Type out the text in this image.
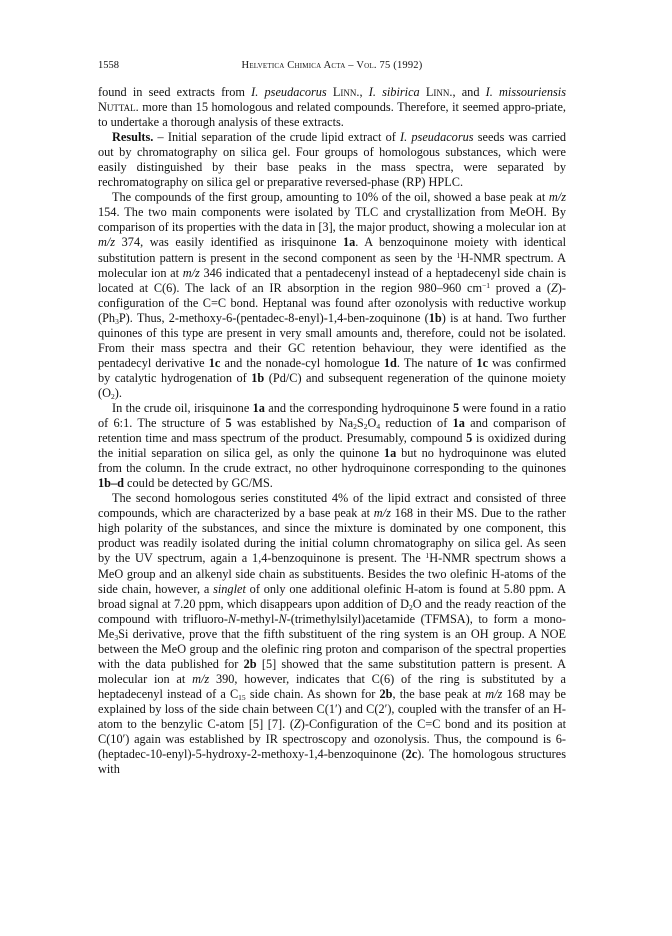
1558	Helvetica Chimica Acta – Vol. 75 (1992)

found in seed extracts from I. pseudacorus Linn., I. sibirica Linn., and I. missouriensis Nuttal. more than 15 homologous and related compounds. Therefore, it seemed appro-priate, to undertake a thorough analysis of these extracts.

Results. – Initial separation of the crude lipid extract of I. pseudacorus seeds was carried out by chromatography on silica gel. Four groups of homologous substances, which were easily distinguished by their base peaks in the mass spectra, were separated by rechromatography on silica gel or preparative reversed-phase (RP) HPLC.

The compounds of the first group, amounting to 10% of the oil, showed a base peak at m/z 154. The two main components were isolated by TLC and crystallization from MeOH. By comparison of its properties with the data in [3], the major product, showing a molecular ion at m/z 374, was easily identified as irisquinone 1a. A benzoquinone moiety with identical substitution pattern is present in the second component as seen by the $^1$H-NMR spectrum. A molecular ion at m/z 346 indicated that a pentadecenyl instead of a heptadecenyl side chain is located at C(6). The lack of an IR absorption in the region 980–960 $cm^{-1}$ proved a (Z)-configuration of the C=C bond. Heptanal was found after ozonolysis with reductive workup $(Ph_3P)$. Thus, 2-methoxy-6-(pentadec-8-enyl)-1,4-ben-zoquinone (1b) is at hand. Two further quinones of this type are present in very small amounts and, therefore, could not be isolated. From their mass spectra and their GC retention behaviour, they were identified as the pentadecyl derivative 1c and the nonade-cyl homologue 1d. The nature of 1c was confirmed by catalytic hydrogenation of 1b (Pd/C) and subsequent regeneration of the quinone moiety $(O_2)$.

In the crude oil, irisquinone 1a and the corresponding hydroquinone 5 were found in a ratio of 6:1. The structure of 5 was established by $Na_2S_2O_4$ reduction of 1a and comparison of retention time and mass spectrum of the product. Presumably, compound 5 is oxidized during the initial separation on silica gel, as only the quinone 1a but no hydroquinone was eluted from the column. In the crude extract, no other hydroquinone corresponding to the quinones 1b–d could be detected by GC/MS.

The second homologous series constituted 4% of the lipid extract and consisted of three compounds, which are characterized by a base peak at m/z 168 in their MS. Due to the rather high polarity of the substances, and since the mixture is dominated by one component, this product was readily isolated during the initial column chromatography on silica gel. As seen by the UV spectrum, again a 1,4-benzoquinone is present. The $^1$H-NMR spectrum shows a MeO group and an alkenyl side chain as substituents. Besides the two olefinic H-atoms of the side chain, however, a singlet of only one additional olefinic H-atom is found at 5.80 ppm. A broad signal at 7.20 ppm, which disappears upon addition of $D_2O$ and the ready reaction of the compound with trifluoro-N-methyl-N-(trimethylsilyl)acetamide (TFMSA), to form a mono-$Me_3Si$ derivative, prove that the fifth substituent of the ring system is an OH group. A NOE between the MeO group and the olefinic ring proton and comparison of the spectral properties with the data published for 2b [5] showed that the same substitution pattern is present. A molecular ion at m/z 390, however, indicates that C(6) of the ring is substituted by a heptadecenyl instead of a $C_{15}$ side chain. As shown for 2b, the base peak at m/z 168 may be explained by loss of the side chain between C(1′) and C(2′), coupled with the transfer of an H-atom to the benzylic C-atom [5] [7]. (Z)-Configuration of the C=C bond and its position at C(10′) again was established by IR spectroscopy and ozonolysis. Thus, the compound is 6-(heptadec-10-enyl)-5-hydroxy-2-methoxy-1,4-benzoquinone (2c). The homologous structures with
